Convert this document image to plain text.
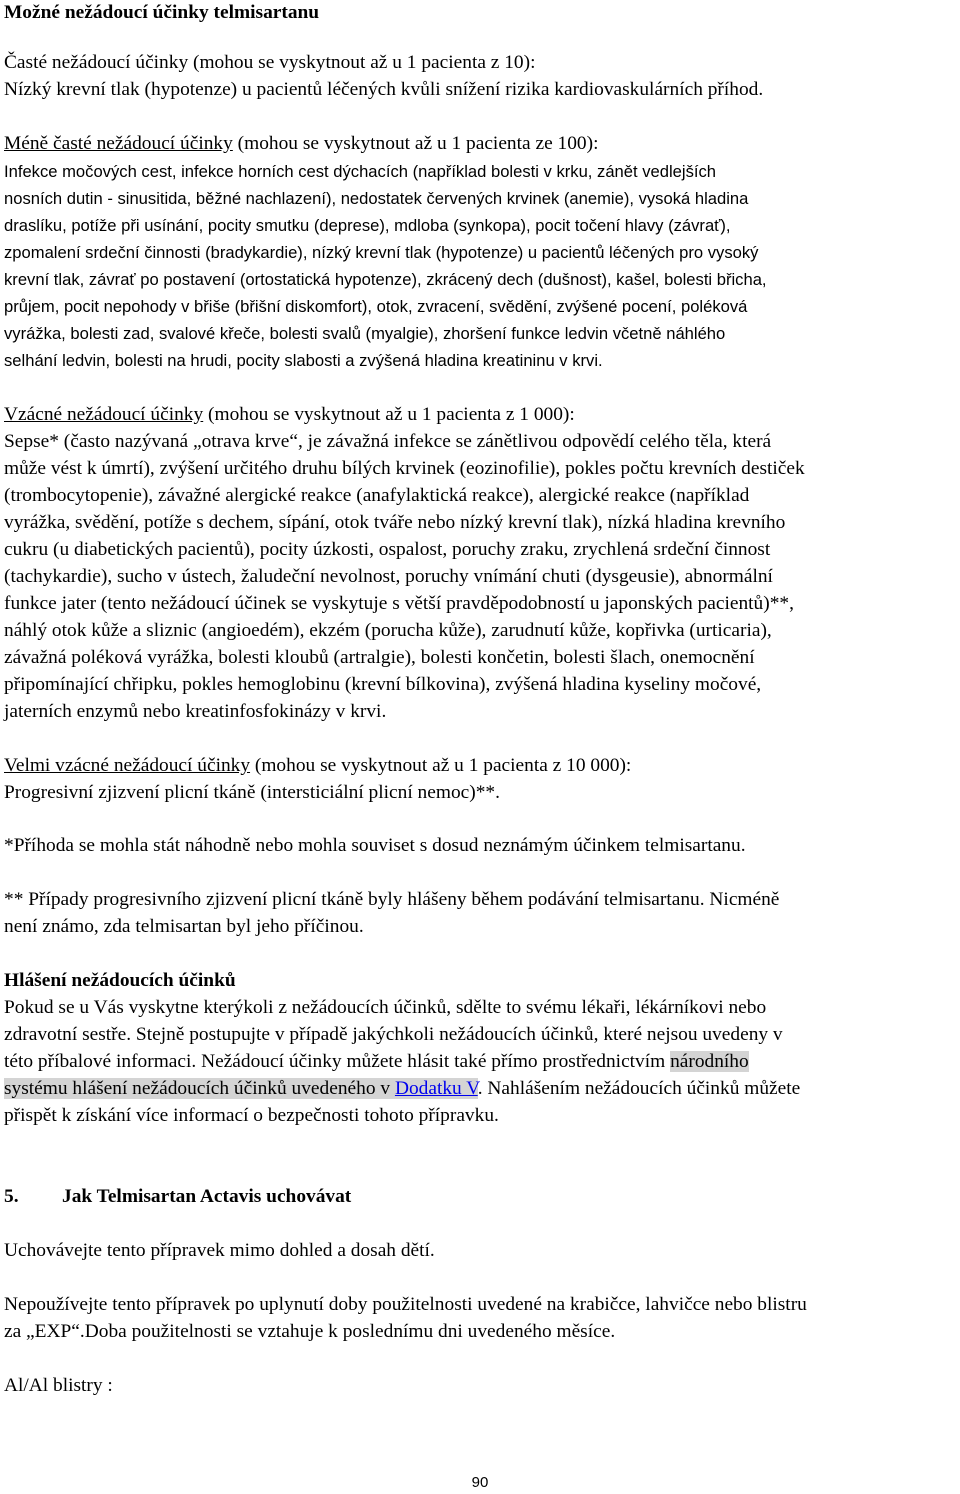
Možné nežádoucí účinky telmisartanu
Časté nežádoucí účinky (mohou se vyskytnout až u 1 pacienta z 10):
Nízký krevní tlak (hypotenze) u pacientů léčených kvůli snížení rizika kardiovaskulárních příhod.
Méně časté nežádoucí účinky (mohou se vyskytnout až u 1 pacienta ze 100):
Infekce močových cest, infekce horních cest dýchacích (například bolesti v krku, zánět vedlejších
nosních dutin - sinusitida, běžné nachlazení), nedostatek červených krvinek (anemie), vysoká hladina
draslíku, potíže při usínání, pocity smutku (deprese), mdloba (synkopa), pocit točení hlavy (závrať),
zpomalení srdeční činnosti (bradykardie), nízký krevní tlak (hypotenze) u pacientů léčených pro vysoký
krevní tlak, závrať po postavení (ortostatická hypotenze), zkrácený dech (dušnost), kašel, bolesti břicha,
průjem, pocit nepohody v břiše (břišní diskomfort), otok, zvracení, svědění, zvýšené pocení, poléková
vyrážka, bolesti zad, svalové křeče, bolesti svalů (myalgie), zhoršení funkce ledvin včetně náhlého
selhání ledvin, bolesti na hrudi, pocity slabosti a zvýšená hladina kreatininu v krvi.
Vzácné nežádoucí účinky (mohou se vyskytnout až u 1 pacienta z 1 000):
Sepse* (často nazývaná „otrava krve“, je závažná infekce se zánětlivou odpovědí celého těla, která
může vést k úmrtí), zvýšení určitého druhu bílých krvinek (eozinofilie), pokles počtu krevních destiček
(trombocytopenie), závažné alergické reakce (anafylaktická reakce), alergické reakce (například
vyrážka, svědění, potíže s dechem, sípání, otok tváře nebo nízký krevní tlak), nízká hladina krevního
cukru (u diabetických pacientů), pocity úzkosti, ospalost, poruchy zraku, zrychlená srdeční činnost
(tachykardie), sucho v ústech, žaludeční nevolnost, poruchy vnímání chuti (dysgeusie), abnormální
funkce jater (tento nežádoucí účinek se vyskytuje s větší pravděpodobností u japonských pacientů)**,
náhlý otok kůže a sliznic (angioedém), ekzém (porucha kůže), zarudnutí kůže, kopřivka (urticaria),
závažná poléková vyrážka, bolesti kloubů (artralgie), bolesti končetin, bolesti šlach, onemocnění
připomínající chřipku, pokles hemoglobinu (krevní bílkovina), zvýšená hladina kyseliny močové,
jaterních enzymů nebo kreatinfosfokinázy v krvi.
Velmi vzácné nežádoucí účinky (mohou se vyskytnout až u 1 pacienta z 10 000):
Progresivní zjizvení plicní tkáně (intersticiální plicní nemoc)**.
*Příhoda se mohla stát náhodně nebo mohla souviset s dosud neznámým účinkem telmisartanu.
** Případy progresivního zjizvení plicní tkáně byly hlášeny během podávání telmisartanu. Nicméně
není známo, zda telmisartan byl jeho příčinou.
Hlášení nežádoucích účinků
Pokud se u Vás vyskytne kterýkoli z nežádoucích účinků, sdělte to svému lékaři, lékárníkovi nebo
zdravotní sestře. Stejně postupujte v případě jakýchkoli nežádoucích účinků, které nejsou uvedeny v
této příbalové informaci. Nežádoucí účinky můžete hlásit také přímo prostřednictvím národního
systému hlášení nežádoucích účinků uvedeného v Dodatku V. Nahlášením nežádoucích účinků můžete
přispět k získání více informací o bezpečnosti tohoto přípravku.
5. Jak Telmisartan Actavis uchovávat
Uchovávejte tento přípravek mimo dohled a dosah dětí.
Nepoužívejte tento přípravek po uplynutí doby použitelnosti uvedené na krabičce, lahvičce nebo blistru
za „EXP“.Doba použitelnosti se vztahuje k poslednímu dni uvedeného měsíce.
Al/Al blistry :
90
